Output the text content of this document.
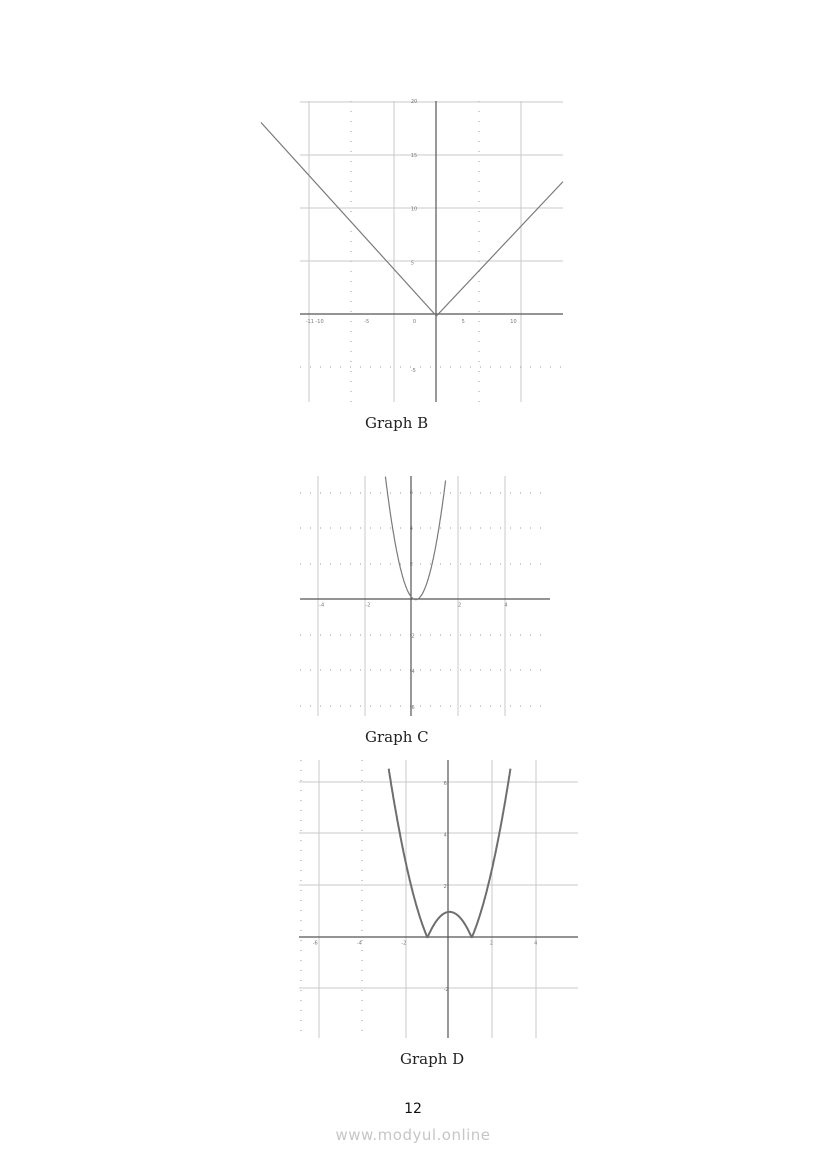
-11 -10	-5	0	5	10
-5
5
10
15
20
Graph B
-4	-2	2	4
-6
-4
-2
2
4
6
Graph C
-6	-4	-2	2	4
-2
2
4
6
Graph D
12
www.modyul.online
